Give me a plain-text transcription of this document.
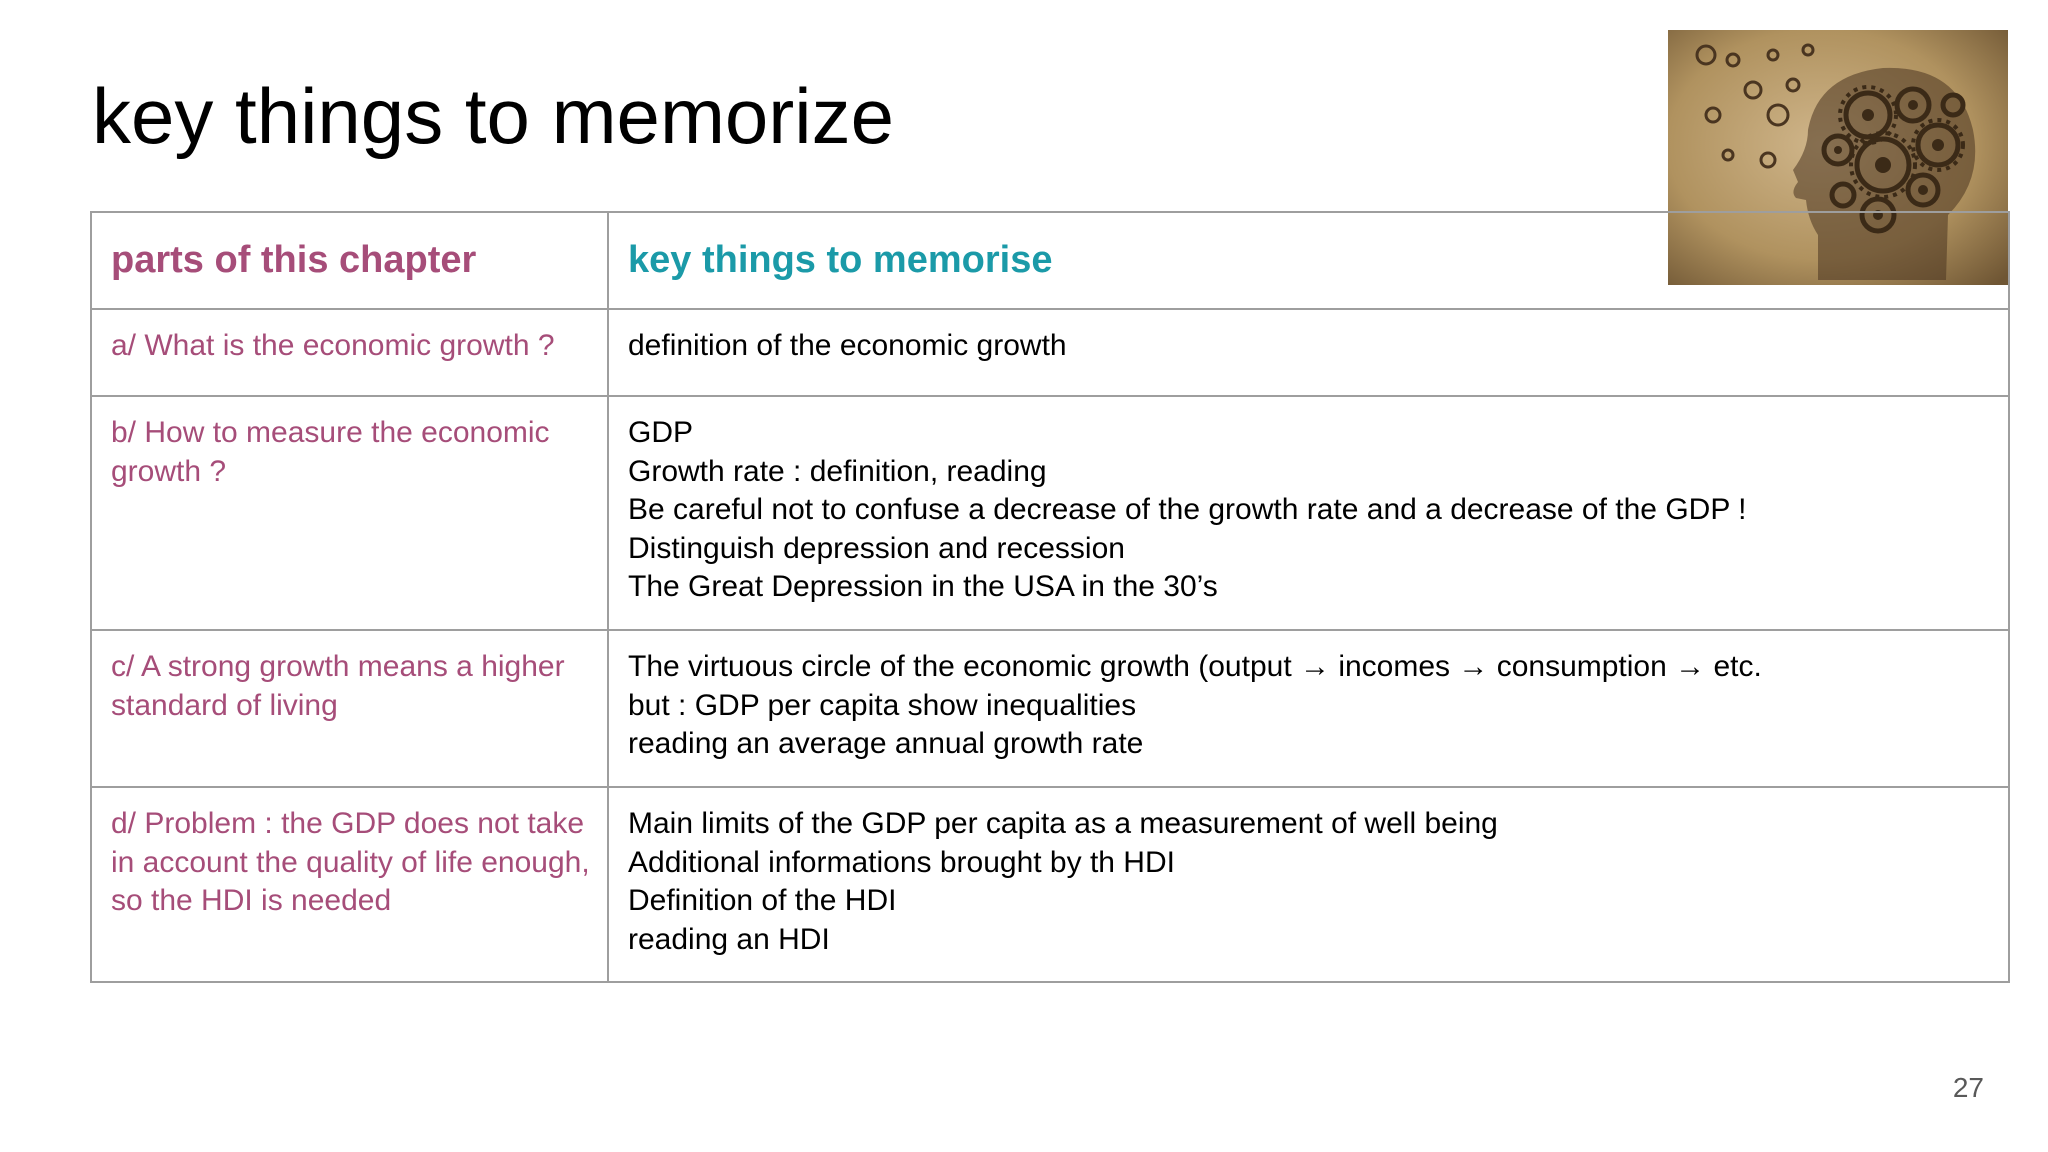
key things to memorize
parts of this chapter	key things to memorise
a/ What is the economic growth ?	definition of the economic growth

b/ How to measure the economic growth ?	GDP
Growth rate : definition, reading
Be careful not to confuse a decrease of the growth rate and a decrease of the GDP !
Distinguish depression and recession
The Great Depression in the USA in the 30’s

c/ A strong growth means a higher standard of living	The virtuous circle of the economic growth (output → incomes → consumption → etc.
but : GDP per capita show inequalities
reading an average annual growth rate

d/ Problem : the GDP does not take in account the quality of life enough, so the HDI is needed	Main limits of the GDP per capita as a measurement of well being
Additional informations brought by th HDI
Definition of the HDI
reading an HDI
27
